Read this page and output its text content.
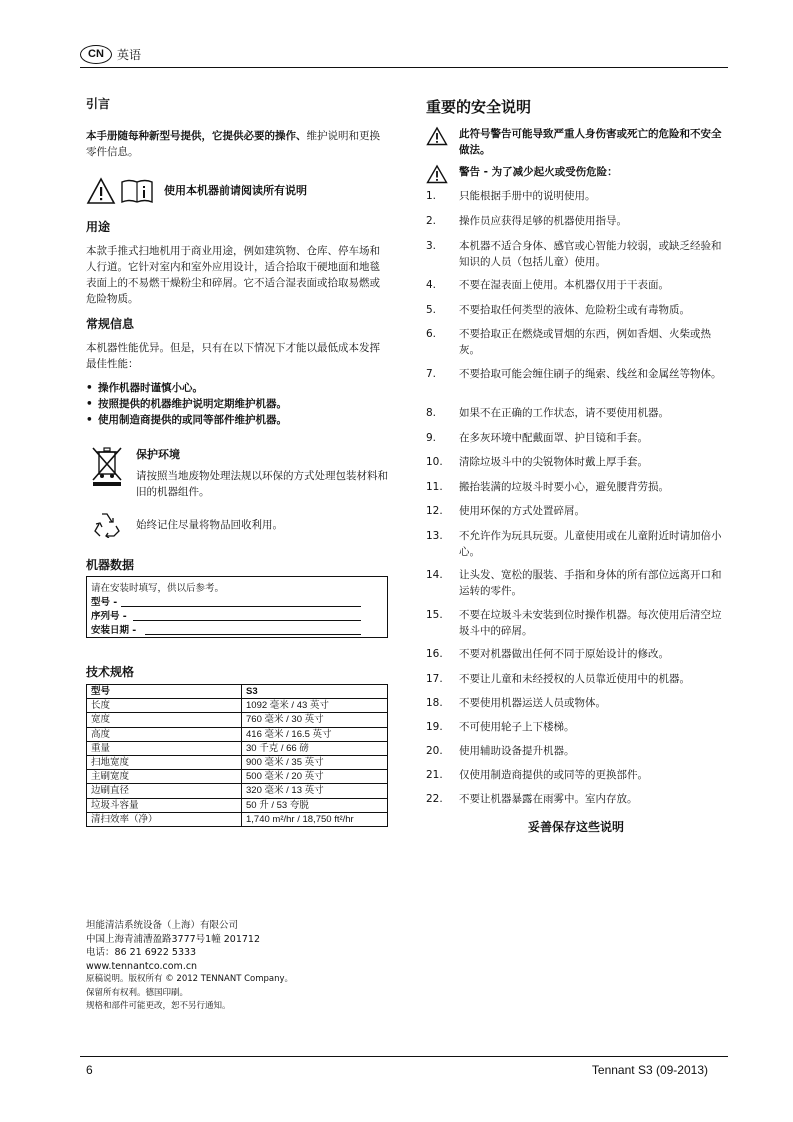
CN	英语
引言
本手册随每种新型号提供，它提供必要的操作、维护说明和更换零件信息。
使用本机器前请阅读所有说明
用途
本款手推式扫地机用于商业用途，例如建筑物、仓库、停车场和人行道。它针对室内和室外应用设计，适合拾取干硬地面和地毯表面上的不易燃干燥粉尘和碎屑。它不适合湿表面或拾取易燃或危险物质。
常规信息
本机器性能优异。但是，只有在以下情况下才能以最低成本发挥最佳性能：
• 操作机器时谨慎小心。
• 按照提供的机器维护说明定期维护机器。
• 使用制造商提供的或同等部件维护机器。
保护环境
请按照当地废物处理法规以环保的方式处理包装材料和旧的机器组件。
始终记住尽量将物品回收利用。
机器数据
请在安装时填写，供以后参考。
型号 -
序列号 -
安装日期 -
技术规格
型号	S3
长度	1092 毫米 / 43 英寸
宽度	760 毫米 / 30 英寸
高度	416 毫米 / 16.5 英寸
重量	30 千克 / 66 磅
扫地宽度	900 毫米 / 35 英寸
主刷宽度	500 毫米 / 20 英寸
边刷直径	320 毫米 / 13 英寸
垃圾斗容量	50 升 / 53 夸脱
清扫效率（净）	1,740 m²/hr / 18,750 ft²/hr
坦能清洁系统设备（上海）有限公司
中国上海青浦漕盈路3777号1幢 201712
电话：86 21 6922 5333
www.tennantco.com.cn
原稿说明。版权所有 © 2012 TENNANT Company。
保留所有权利。德国印刷。
规格和部件可能更改，恕不另行通知。
重要的安全说明
此符号警告可能导致严重人身伤害或死亡的危险和不安全做法。
警告 - 为了减少起火或受伤危险：
1.	只能根据手册中的说明使用。
2.	操作员应获得足够的机器使用指导。
3.	本机器不适合身体、感官或心智能力较弱，或缺乏经验和知识的人员（包括儿童）使用。
4.	不要在湿表面上使用。本机器仅用于干表面。
5.	不要拾取任何类型的液体、危险粉尘或有毒物质。
6.	不要拾取正在燃烧或冒烟的东西，例如香烟、火柴或热灰。
7.	不要拾取可能会缠住刷子的绳索、线丝和金属丝等物体。
8.	如果不在正确的工作状态，请不要使用机器。
9.	在多灰环境中配戴面罩、护目镜和手套。
10.	清除垃圾斗中的尖锐物体时戴上厚手套。
11.	搬抬装满的垃圾斗时要小心，避免腰背劳损。
12.	使用环保的方式处置碎屑。
13.	不允许作为玩具玩耍。儿童使用或在儿童附近时请加倍小心。
14.	让头发、宽松的服装、手指和身体的所有部位远离开口和运转的零件。
15.	不要在垃圾斗未安装到位时操作机器。每次使用后清空垃圾斗中的碎屑。
16.	不要对机器做出任何不同于原始设计的修改。
17.	不要让儿童和未经授权的人员靠近使用中的机器。
18.	不要使用机器运送人员或物体。
19.	不可使用轮子上下楼梯。
20.	使用辅助设备提升机器。
21.	仅使用制造商提供的或同等的更换部件。
22.	不要让机器暴露在雨雾中。室内存放。
妥善保存这些说明
6	Tennant S3 (09-2013)
